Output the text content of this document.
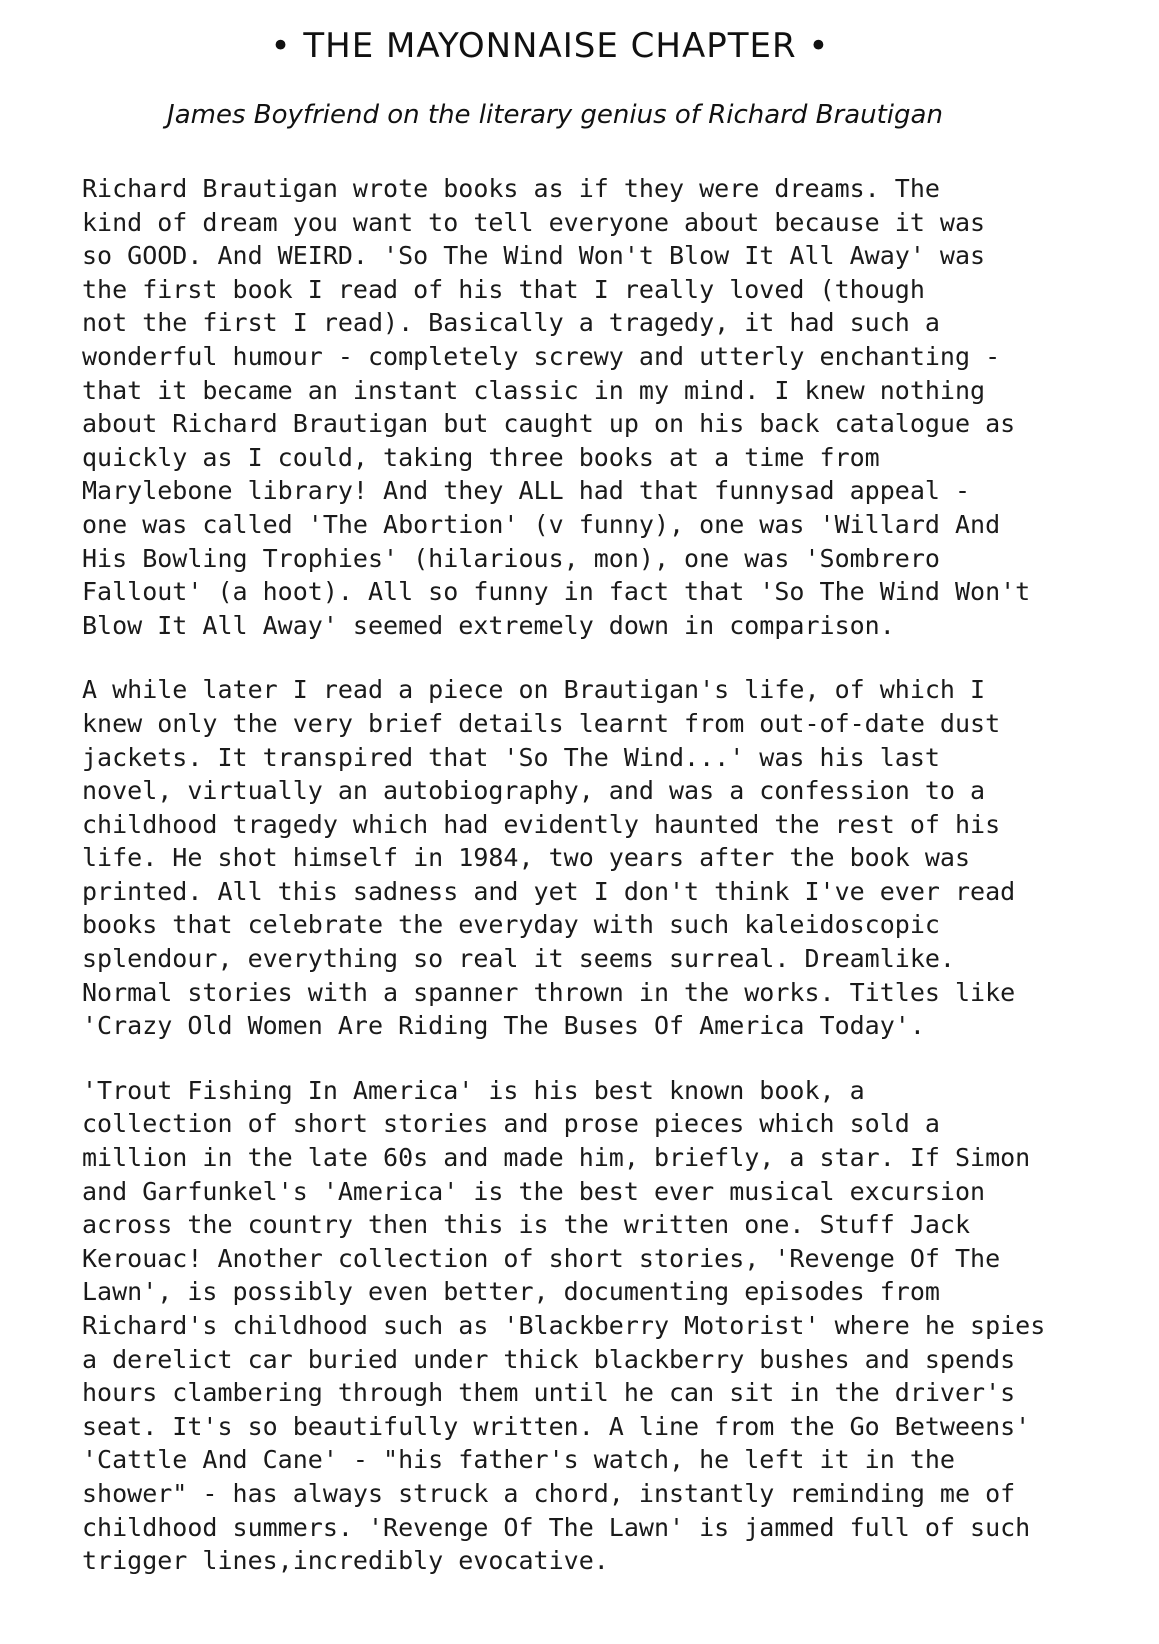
• THE MAYONNAISE CHAPTER •
James Boyfriend on the literary genius of Richard Brautigan

Richard Brautigan wrote books as if they were dreams. The
kind of dream you want to tell everyone about because it was
so GOOD. And WEIRD. 'So The Wind Won't Blow It All Away' was
the first book I read of his that I really loved (though
not the first I read). Basically a tragedy, it had such a
wonderful humour - completely screwy and utterly enchanting -
that it became an instant classic in my mind. I knew nothing
about Richard Brautigan but caught up on his back catalogue as
quickly as I could, taking three books at a time from
Marylebone library! And they ALL had that funnysad appeal -
one was called 'The Abortion' (v funny), one was 'Willard And
His Bowling Trophies' (hilarious, mon), one was 'Sombrero
Fallout' (a hoot). All so funny in fact that 'So The Wind Won't
Blow It All Away' seemed extremely down in comparison.

A while later I read a piece on Brautigan's life, of which I
knew only the very brief details learnt from out-of-date dust
jackets. It transpired that 'So The Wind...' was his last
novel, virtually an autobiography, and was a confession to a
childhood tragedy which had evidently haunted the rest of his
life. He shot himself in 1984, two years after the book was
printed. All this sadness and yet I don't think I've ever read
books that celebrate the everyday with such kaleidoscopic
splendour, everything so real it seems surreal. Dreamlike.
Normal stories with a spanner thrown in the works. Titles like
'Crazy Old Women Are Riding The Buses Of America Today'.

'Trout Fishing In America' is his best known book, a
collection of short stories and prose pieces which sold a
million in the late 60s and made him, briefly, a star. If Simon
and Garfunkel's 'America' is the best ever musical excursion
across the country then this is the written one. Stuff Jack
Kerouac! Another collection of short stories, 'Revenge Of The
Lawn', is possibly even better, documenting episodes from
Richard's childhood such as 'Blackberry Motorist' where he spies
a derelict car buried under thick blackberry bushes and spends
hours clambering through them until he can sit in the driver's
seat. It's so beautifully written. A line from the Go Betweens'
'Cattle And Cane' - "his father's watch, he left it in the
shower" - has always struck a chord, instantly reminding me of
childhood summers. 'Revenge Of The Lawn' is jammed full of such
trigger lines,incredibly evocative.
